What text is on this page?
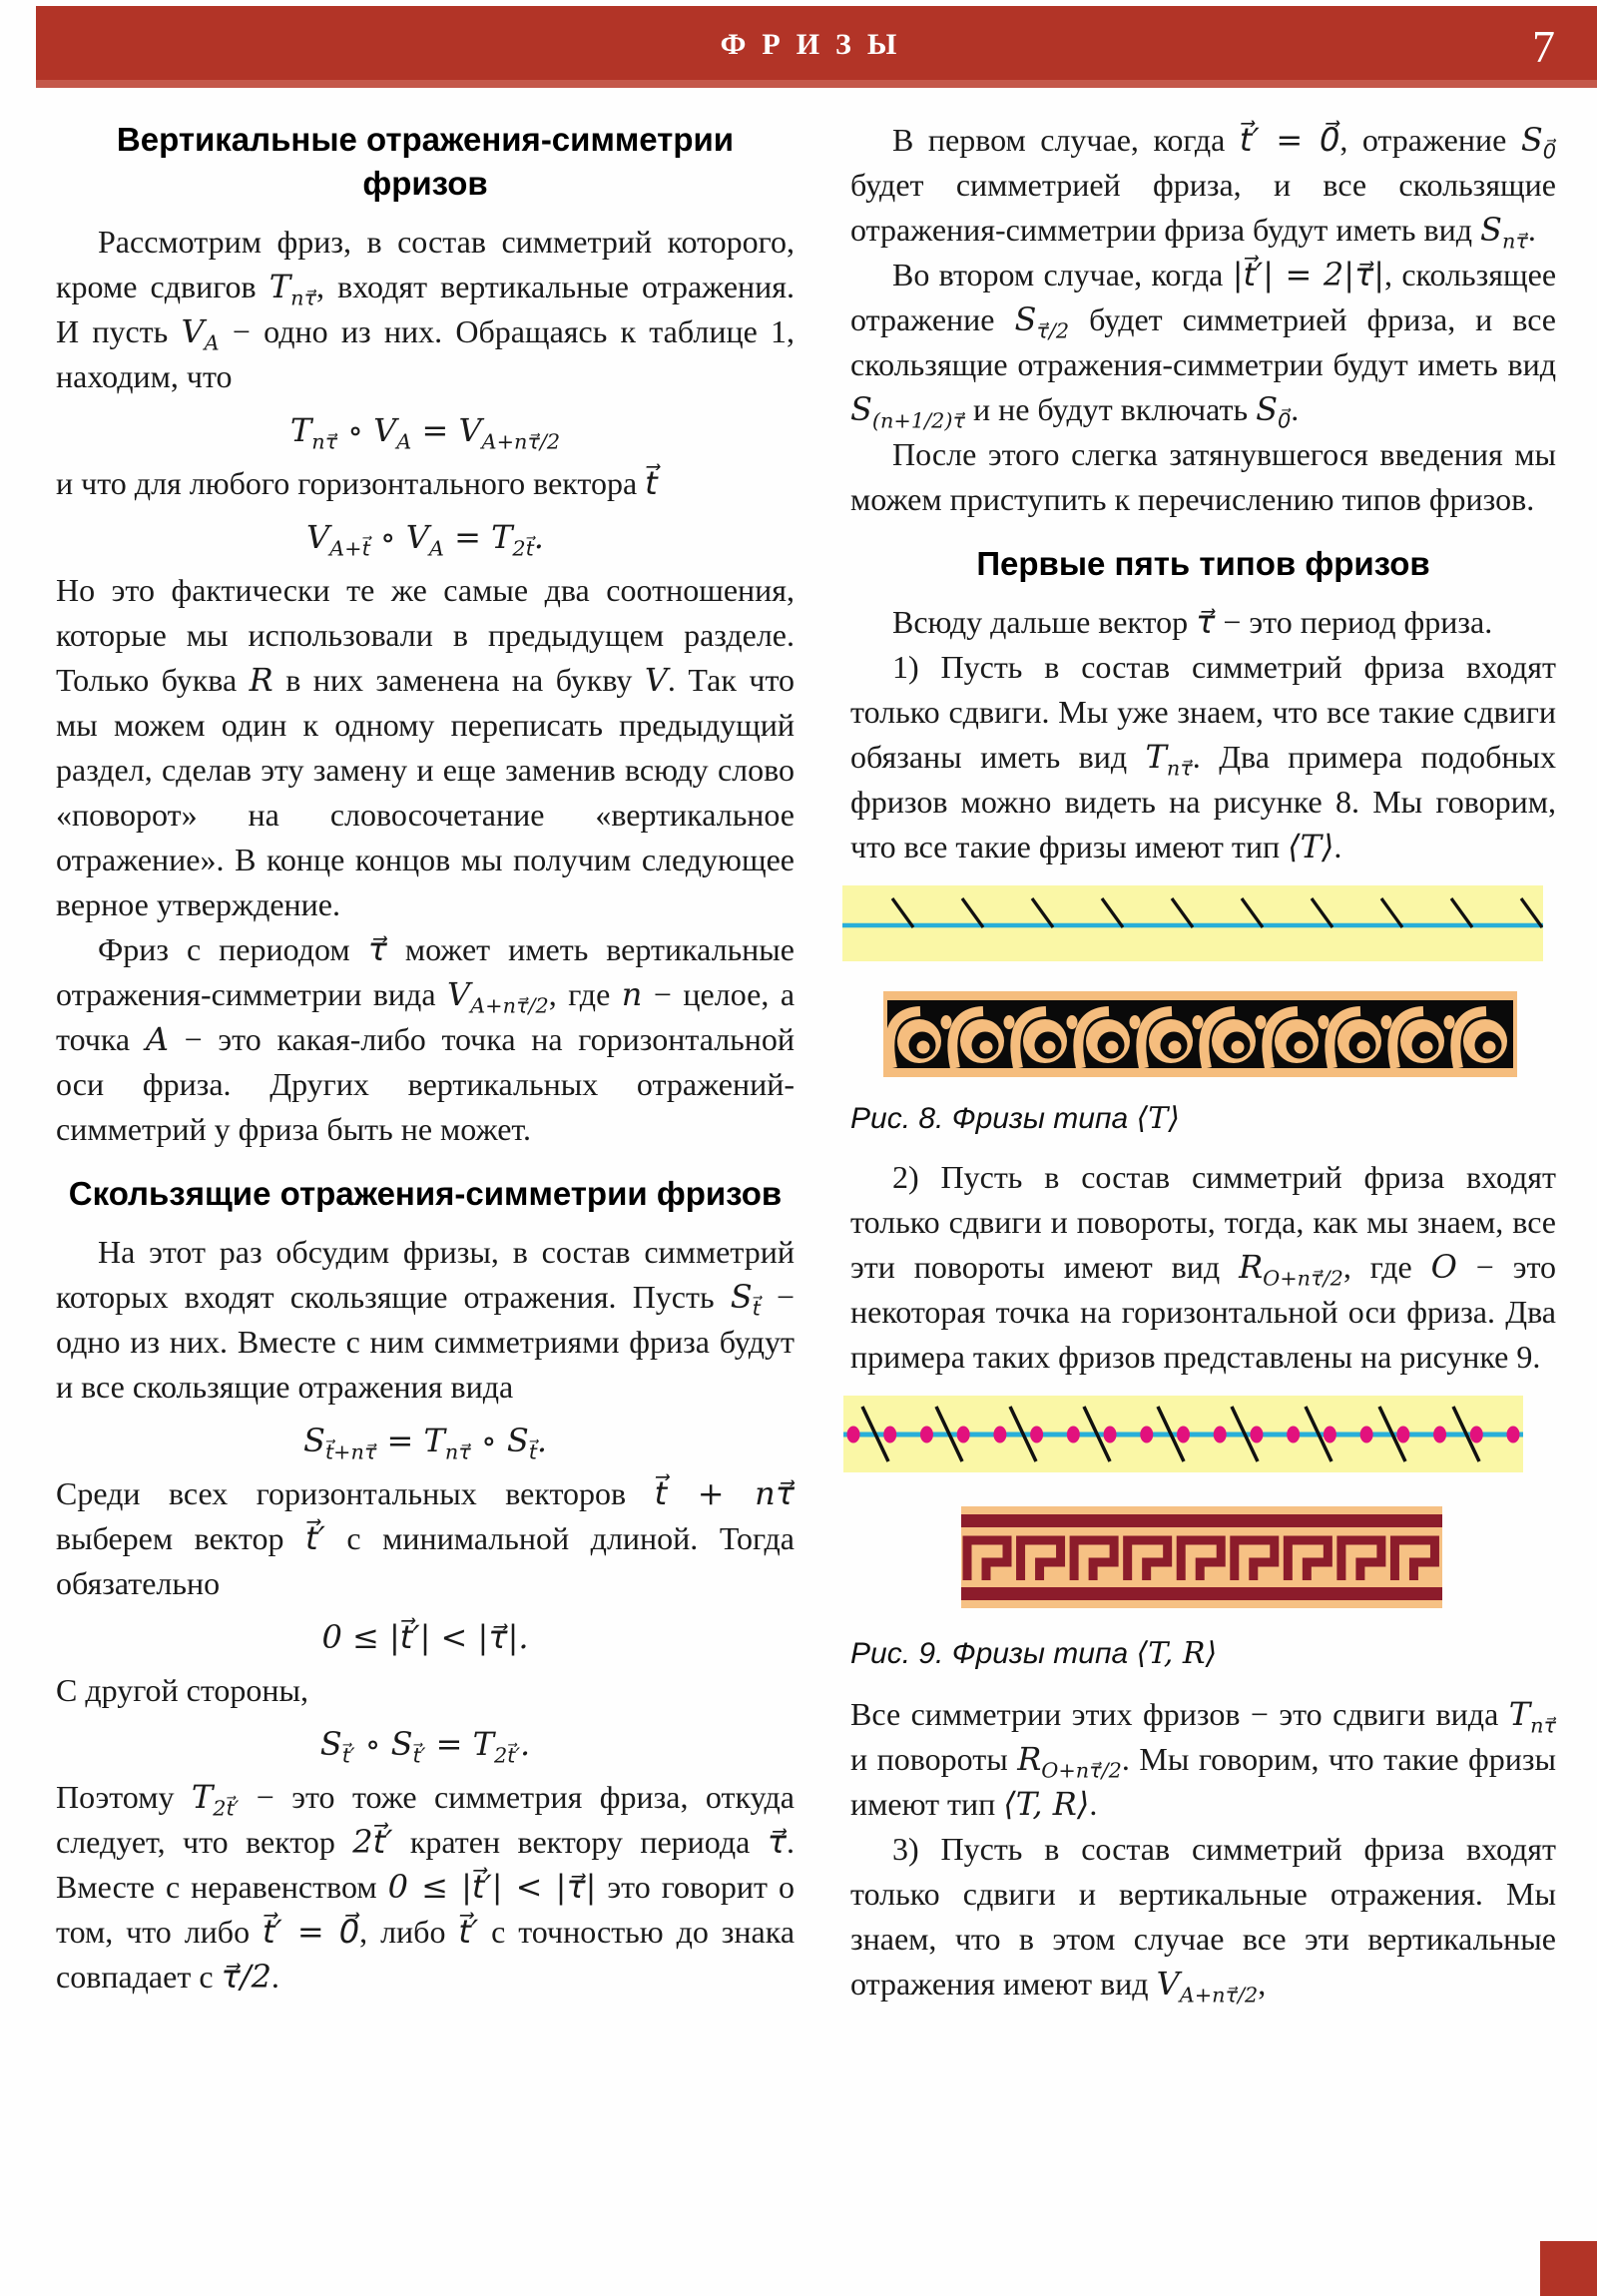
ФРИЗЫ	7
Вертикальные отражения-симметрии фризов

Рассмотрим фриз, в состав симметрий которого, кроме сдвигов $T_{n\tau⃗}$, входят вертикальные отражения. И пусть $V_A$ − одно из них. Обращаясь к таблице 1, находим, что

$T_{n\tau⃗}$ ∘ $V_A = V_{A+n\tau⃗/2}$

и что для любого горизонтального вектора t⃗

$V_{A+t⃗}$ ∘ $V_A = T_{2t⃗}$.

Но это фактически те же самые два соотношения, которые мы использовали в предыдущем разделе. Только буква R в них заменена на букву V. Так что мы можем один к одному переписать предыдущий раздел, сделав эту замену и еще заменив всюду слово «поворот» на словосочетание «вертикальное отражение». В конце концов мы получим следующее верное утверждение.

Фриз с периодом τ⃗ может иметь вертикальные отражения-симметрии вида $V_{A+n\tau⃗/2}$, где n − целое, а точка A − это какая-либо точка на горизонтальной оси фриза. Других вертикальных отражений-симметрий у фриза быть не может.

Скользящие отражения-симметрии фризов

На этот раз обсудим фризы, в состав симметрий которых входят скользящие отражения. Пусть $S_{t⃗}$ − одно из них. Вместе с ним симметриями фриза будут и все скользящие отражения вида

$S_{t⃗+n\tau⃗} = T_{n\tau⃗}$ ∘ $S_{t⃗}$.

Среди всех горизонтальных векторов t⃗ + nτ⃗ выберем вектор t⃗′ с минимальной длиной. Тогда обязательно

0 ≤ |t⃗′| < |τ⃗|.

С другой стороны,

$S_{t⃗'}$ ∘ $S_{t⃗'} = T_{2t⃗'}$.

Поэтому $T_{2t⃗'}$ − это тоже симметрия фриза, откуда следует, что вектор 2t⃗′ кратен вектору периода τ⃗. Вместе с неравенством 0 ≤ |t⃗′| < |τ⃗| это говорит о том, что либо t⃗′ = 0⃗, либо t⃗′ с точностью до знака совпадает с τ⃗/2.

В первом случае, когда t⃗′ = 0⃗, отражение $S_{0⃗}$ будет симметрией фриза, и все скользящие отражения-симметрии фриза будут иметь вид $S_{n\tau⃗}$.

Во втором случае, когда |t⃗′| = 2|τ⃗|, скользящее отражение $S_{\tau⃗/2}$ будет симметрией фриза, и все скользящие отражения-симметрии будут иметь вид $S_{(n+1/2)\tau⃗}$ и не будут включать $S_{0⃗}$.

После этого слегка затянувшегося введения мы можем приступить к перечислению типов фризов.

Первые пять типов фризов

Всюду дальше вектор τ⃗ − это период фриза.

1) Пусть в состав симметрий фриза входят только сдвиги. Мы уже знаем, что все такие сдвиги обязаны иметь вид $T_{n\tau⃗}$. Два примера подобных фризов можно видеть на рисунке 8. Мы говорим, что все такие фризы имеют тип ⟨T⟩.

Рис. 8. Фризы типа ⟨T⟩

2) Пусть в состав симметрий фриза входят только сдвиги и повороты, тогда, как мы знаем, все эти повороты имеют вид $R_{O+n\tau⃗/2}$, где O − это некоторая точка на горизонтальной оси фриза. Два примера таких фризов представлены на рисунке 9.

Рис. 9. Фризы типа ⟨T, R⟩

Все симметрии этих фризов − это сдвиги вида $T_{n\tau⃗}$ и повороты $R_{O+n\tau⃗/2}$. Мы говорим, что такие фризы имеют тип ⟨T, R⟩.

3) Пусть в состав симметрий фриза входят только сдвиги и вертикальные отражения. Мы знаем, что в этом случае все эти вертикальные отражения имеют вид $V_{A+n\tau⃗/2}$,
